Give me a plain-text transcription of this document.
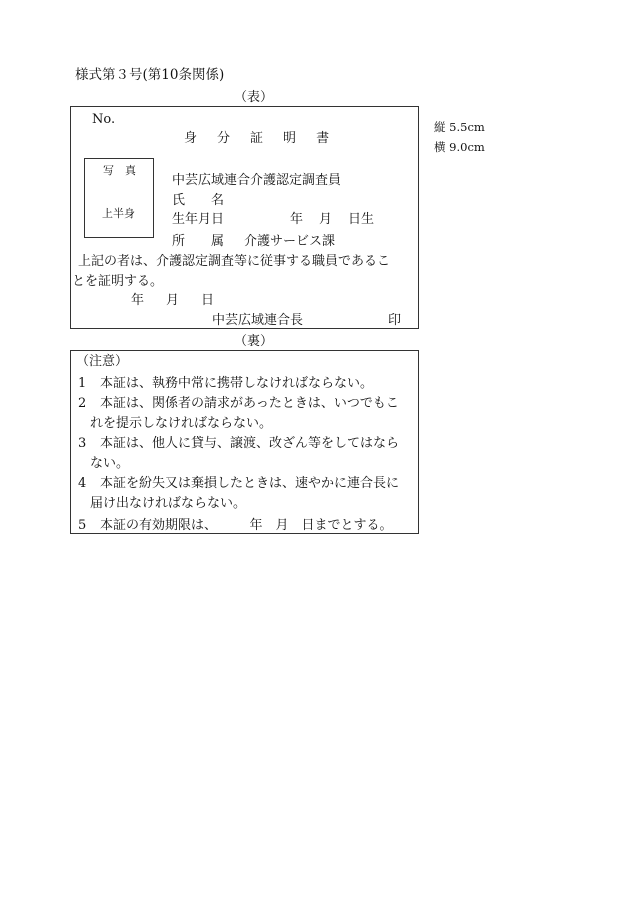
様式第３号(第10条関係)
（表）
縦 5.5cm
横 9.0cm
No.
身 分 証 明 書
写　真
上半身
中芸広域連合介護認定調査員
氏　　名
生年月日	年 月 日生
所　　属 介護サービス課
上記の者は、介護認定調査等に従事する職員であるこ
とを証明する。
年 月 日
中芸広域連合長	印
（裏）
（注意）
1 本証は、執務中常に携帯しなければならない。
2 本証は、関係者の請求があったときは、いつでもこ
れを提示しなければならない。
3 本証は、他人に貸与、譲渡、改ざん等をしてはなら
ない。
4 本証を紛失又は棄損したときは、速やかに連合長に
届け出なければならない。
5 本証の有効期限は、　　　年　月　日までとする。
